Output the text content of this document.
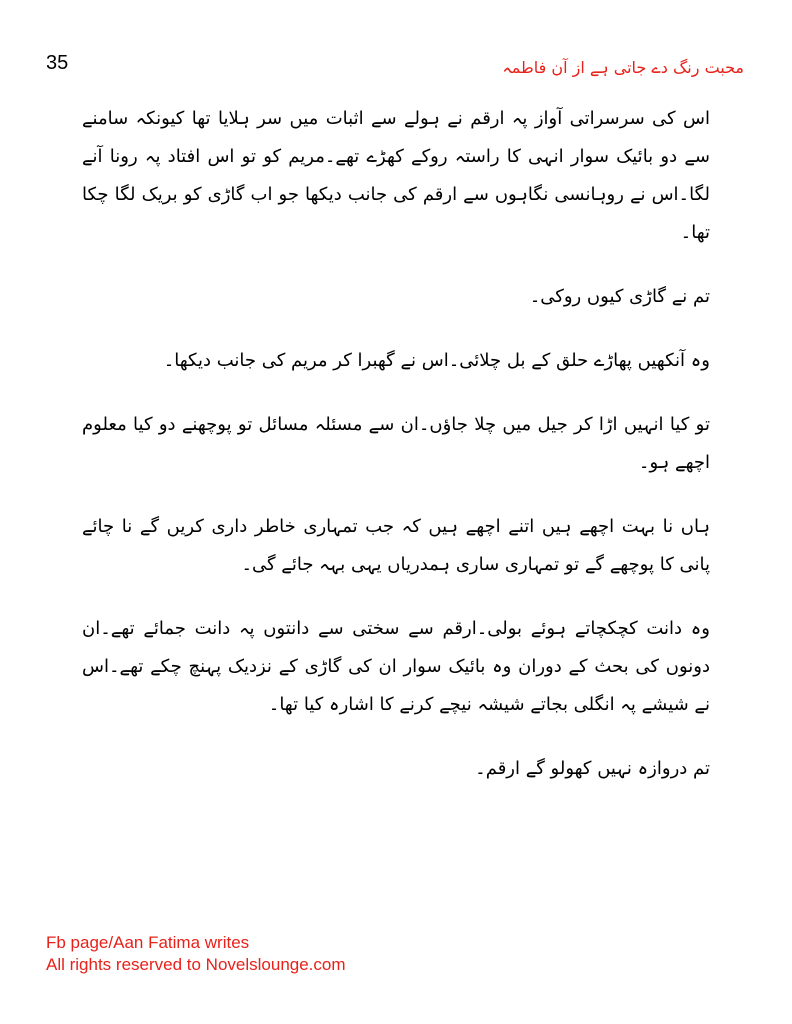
35	محبت رنگ دے جاتی ہے از آن فاطمہ

اس کی سرسراتی آواز پہ ارقم نے ہولے سے اثبات میں سر ہلایا تھا کیونکہ سامنے سے دو بائیک سوار انہی کا راستہ روکے کھڑے تھے۔مریم کو تو اس افتاد پہ رونا آنے لگا۔اس نے روہانسی نگاہوں سے ارقم کی جانب دیکھا جو اب گاڑی کو بریک لگا چکا تھا۔

تم نے گاڑی کیوں روکی۔

وہ آنکھیں پھاڑے حلق کے بل چلائی۔اس نے گھبرا کر مریم کی جانب دیکھا۔

تو کیا انہیں اڑا کر جیل میں چلا جاؤں۔ان سے مسئلہ مسائل تو پوچھنے دو کیا معلوم اچھے ہو۔

ہاں نا بہت اچھے ہیں اتنے اچھے ہیں کہ جب تمہاری خاطر داری کریں گے نا چائے پانی کا پوچھے گے تو تمہاری ساری ہمدریاں یہی بہہ جائے گی۔

وہ دانت کچکچاتے ہوئے بولی۔ارقم سے سختی سے دانتوں پہ دانت جمائے تھے۔ان دونوں کی بحث کے دوران وہ بائیک سوار ان کی گاڑی کے نزدیک پہنچ چکے تھے۔اس نے شیشے پہ انگلی بجاتے شیشہ نیچے کرنے کا اشارہ کیا تھا۔

تم دروازہ نہیں کھولو گے ارقم۔

Fb page/Aan Fatima writes
All rights reserved to Novelslounge.com
